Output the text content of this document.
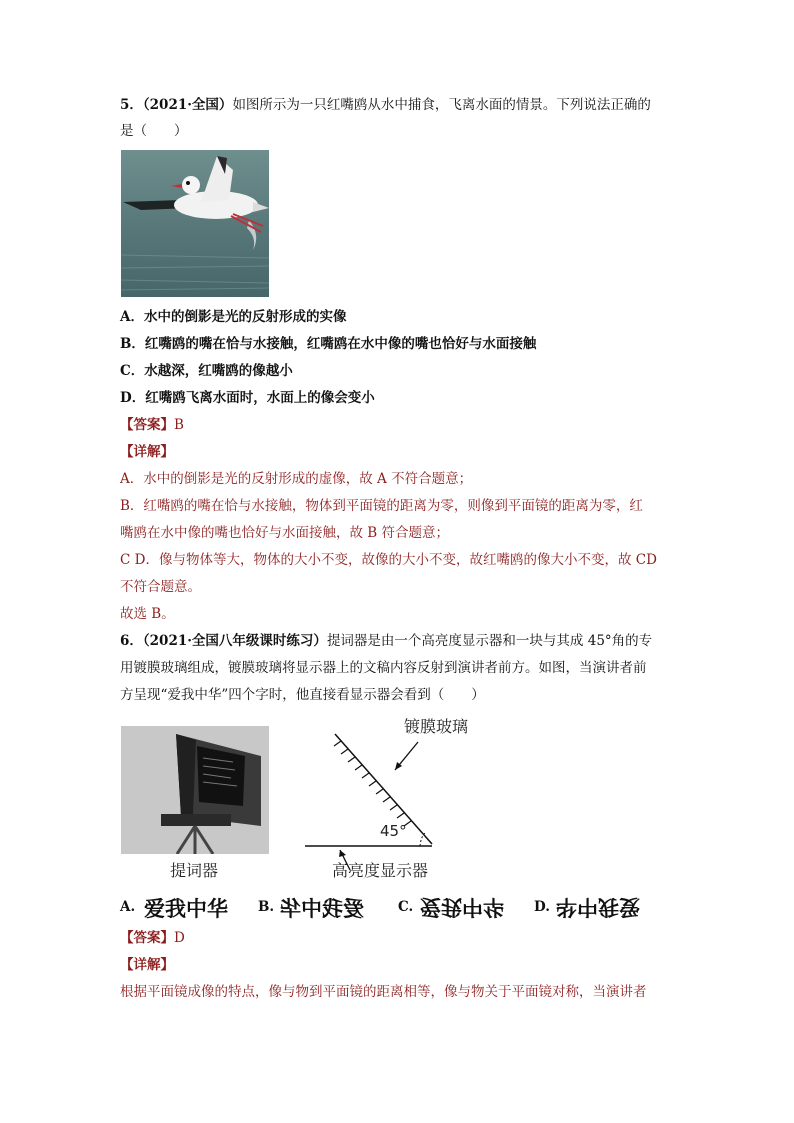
5．（2021·全国）如图所示为一只红嘴鸥从水中捕食，飞离水面的情景。下列说法正确的
是（　　）
A．水中的倒影是光的反射形成的实像
B．红嘴鸥的嘴在恰与水接触，红嘴鸥在水中像的嘴也恰好与水面接触
C．水越深，红嘴鸥的像越小
D．红嘴鸥飞离水面时，水面上的像会变小
【答案】B
【详解】
A．水中的倒影是光的反射形成的虚像，故 A 不符合题意；
B．红嘴鸥的嘴在恰与水接触，物体到平面镜的距离为零，则像到平面镜的距离为零，红
嘴鸥在水中像的嘴也恰好与水面接触，故 B 符合题意；
C D．像与物体等大，物体的大小不变，故像的大小不变，故红嘴鸥的像大小不变，故 CD
不符合题意。
故选 B。
6．（2021·全国八年级课时练习）提词器是由一个高亮度显示器和一块与其成 45°角的专
用镀膜玻璃组成，镀膜玻璃将显示器上的文稿内容反射到演讲者前方。如图，当演讲者前
方呈现“爱我中华”四个字时，他直接看显示器会看到（　　）
提词器
镀膜玻璃
45°
高亮度显示器
A. 爱我中华 B. 爱我中华	C. 爱我中华 D. 爱我中华
【答案】D
【详解】
根据平面镜成像的特点，像与物到平面镜的距离相等，像与物关于平面镜对称，当演讲者
